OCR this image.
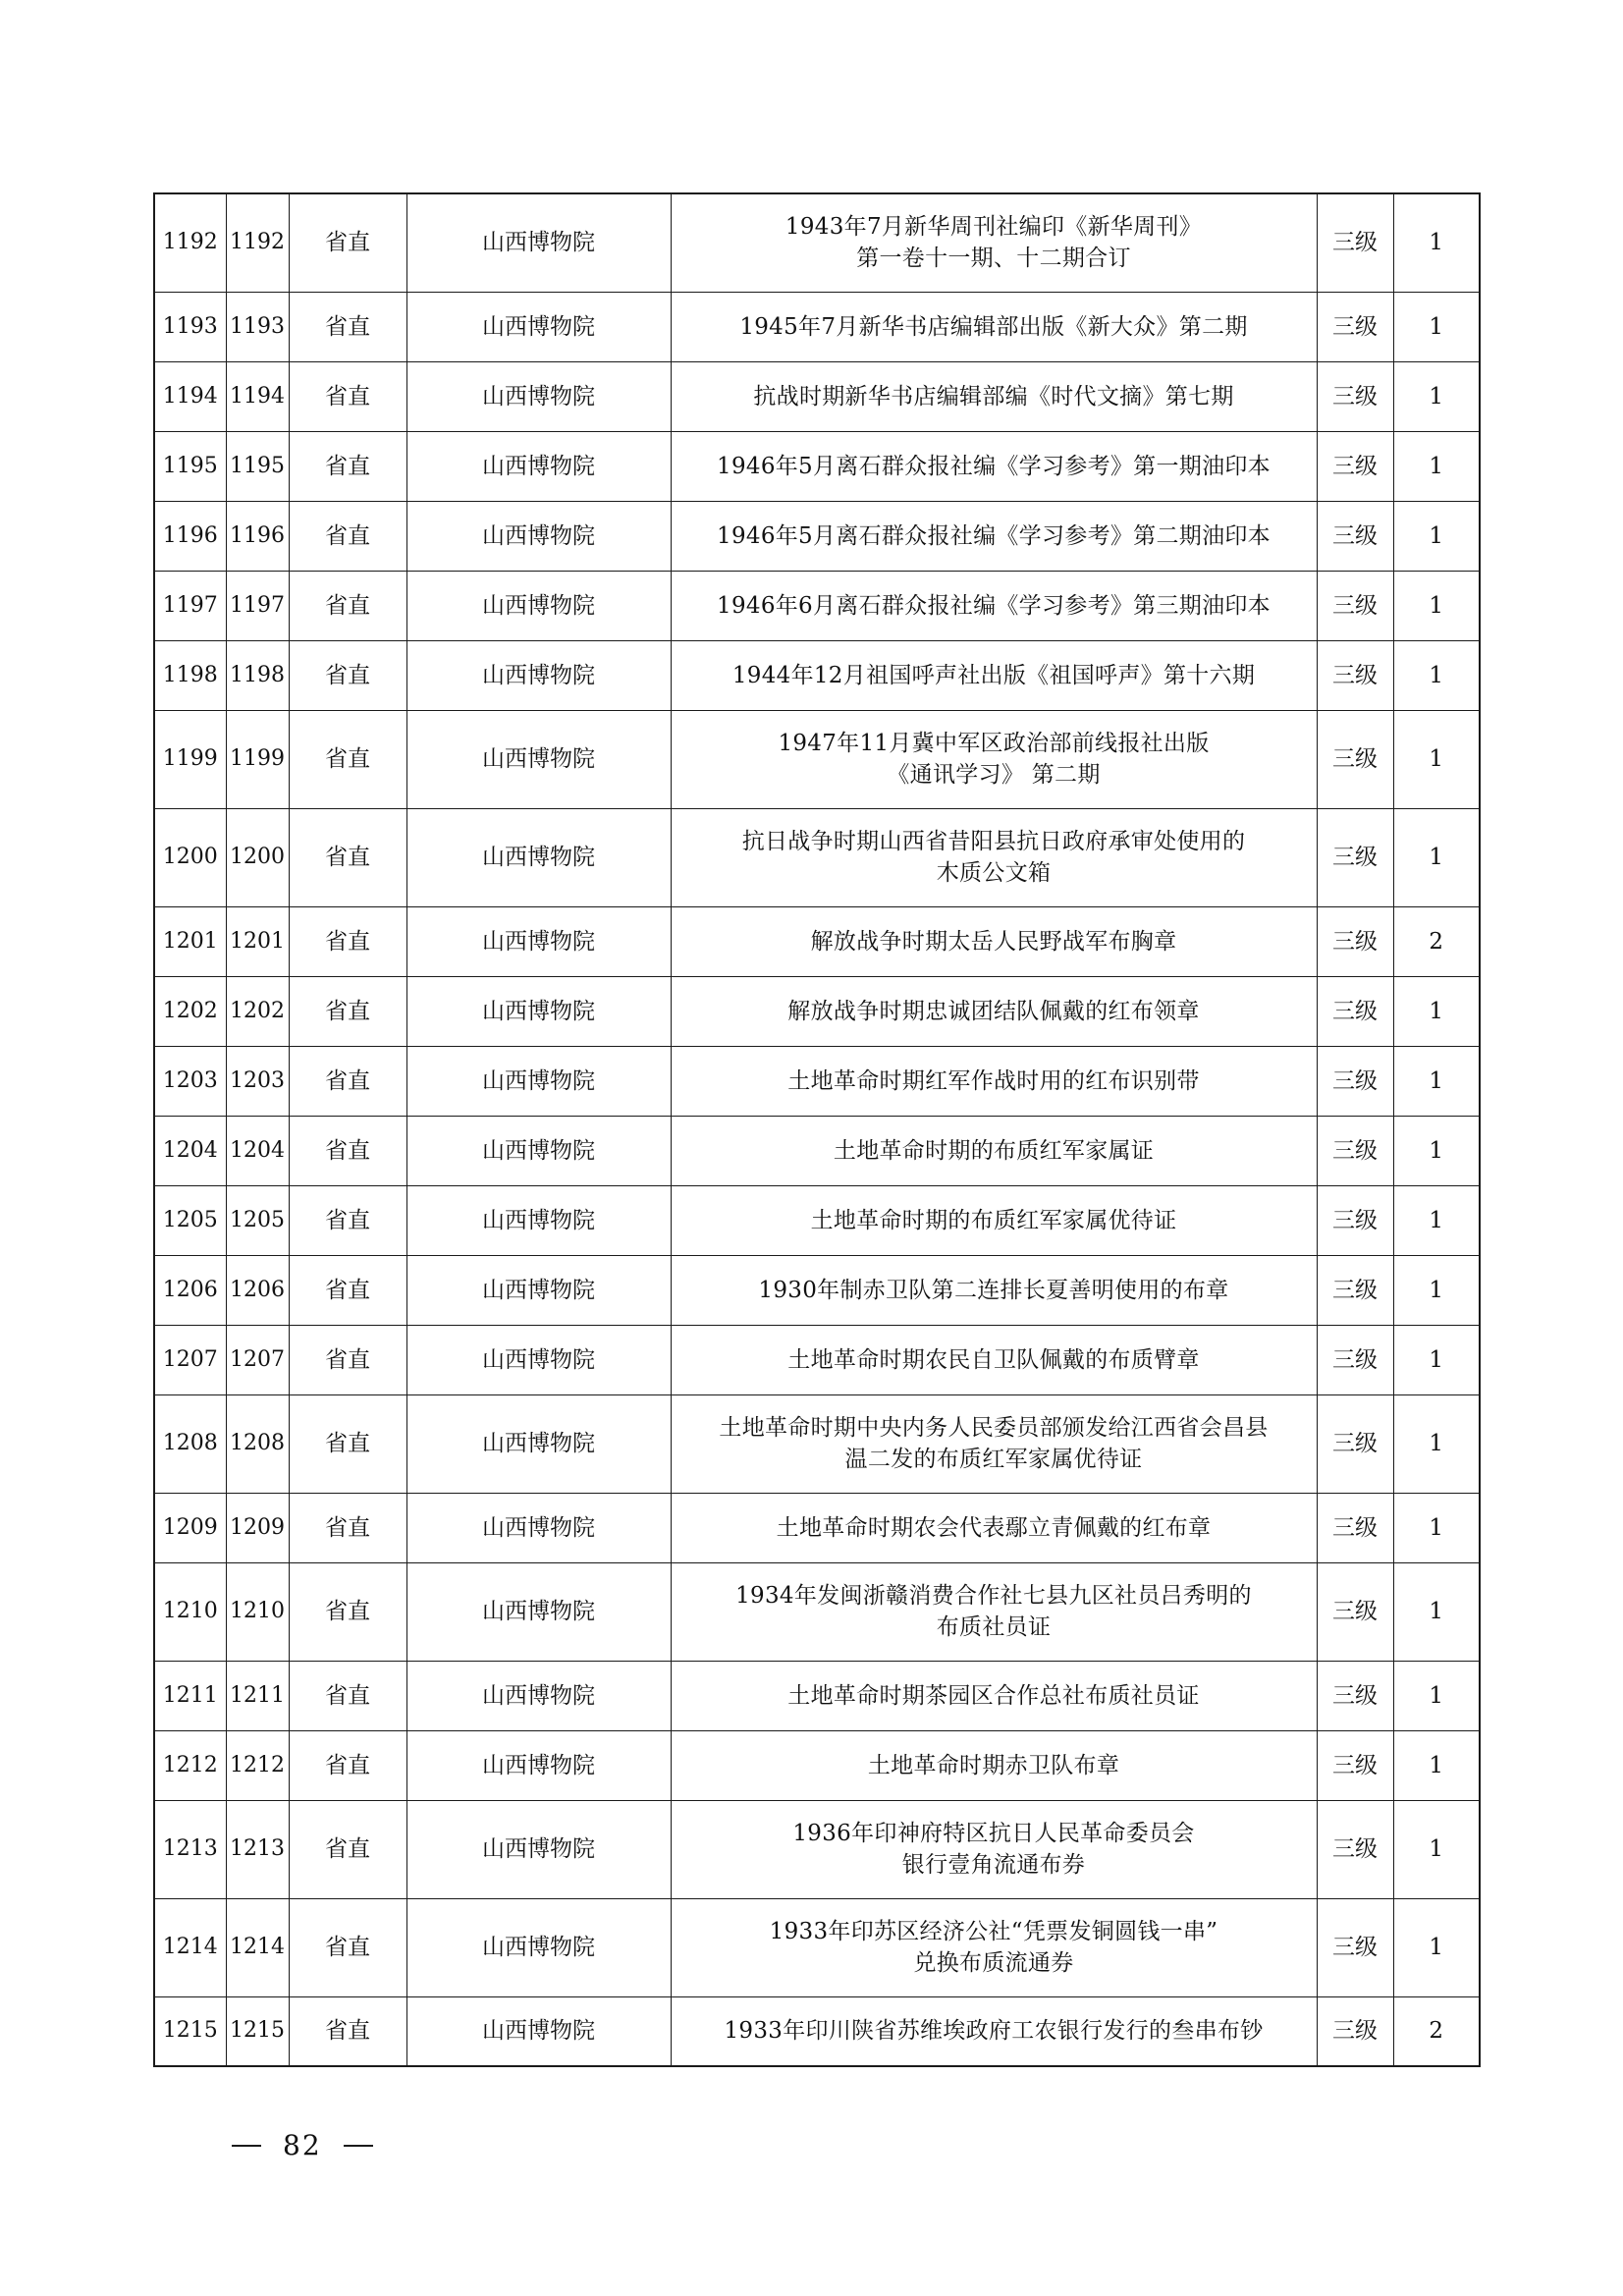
1192	1192	省直	山西博物院	1943年7月新华周刊社编印《新华周刊》
第一卷十一期、十二期合订	三级	1
1193	1193	省直	山西博物院	1945年7月新华书店编辑部出版《新大众》第二期	三级	1
1194	1194	省直	山西博物院	抗战时期新华书店编辑部编《时代文摘》第七期	三级	1
1195	1195	省直	山西博物院	1946年5月离石群众报社编《学习参考》第一期油印本	三级	1
1196	1196	省直	山西博物院	1946年5月离石群众报社编《学习参考》第二期油印本	三级	1
1197	1197	省直	山西博物院	1946年6月离石群众报社编《学习参考》第三期油印本	三级	1
1198	1198	省直	山西博物院	1944年12月祖国呼声社出版《祖国呼声》第十六期	三级	1
1199	1199	省直	山西博物院	1947年11月冀中军区政治部前线报社出版
《通讯学习》 第二期	三级	1
1200	1200	省直	山西博物院	抗日战争时期山西省昔阳县抗日政府承审处使用的
木质公文箱	三级	1
1201	1201	省直	山西博物院	解放战争时期太岳人民野战军布胸章	三级	2
1202	1202	省直	山西博物院	解放战争时期忠诚团结队佩戴的红布领章	三级	1
1203	1203	省直	山西博物院	土地革命时期红军作战时用的红布识别带	三级	1
1204	1204	省直	山西博物院	土地革命时期的布质红军家属证	三级	1
1205	1205	省直	山西博物院	土地革命时期的布质红军家属优待证	三级	1
1206	1206	省直	山西博物院	1930年制赤卫队第二连排长夏善明使用的布章	三级	1
1207	1207	省直	山西博物院	土地革命时期农民自卫队佩戴的布质臂章	三级	1
1208	1208	省直	山西博物院	土地革命时期中央内务人民委员部颁发给江西省会昌县
温二发的布质红军家属优待证	三级	1
1209	1209	省直	山西博物院	土地革命时期农会代表鄢立青佩戴的红布章	三级	1
1210	1210	省直	山西博物院	1934年发闽浙赣消费合作社七县九区社员吕秀明的
布质社员证	三级	1
1211	1211	省直	山西博物院	土地革命时期茶园区合作总社布质社员证	三级	1
1212	1212	省直	山西博物院	土地革命时期赤卫队布章	三级	1
1213	1213	省直	山西博物院	1936年印神府特区抗日人民革命委员会
银行壹角流通布券	三级	1
1214	1214	省直	山西博物院	1933年印苏区经济公社“凭票发铜圆钱一串”
兑换布质流通券	三级	1
1215	1215	省直	山西博物院	1933年印川陕省苏维埃政府工农银行发行的叁串布钞	三级	2
82
